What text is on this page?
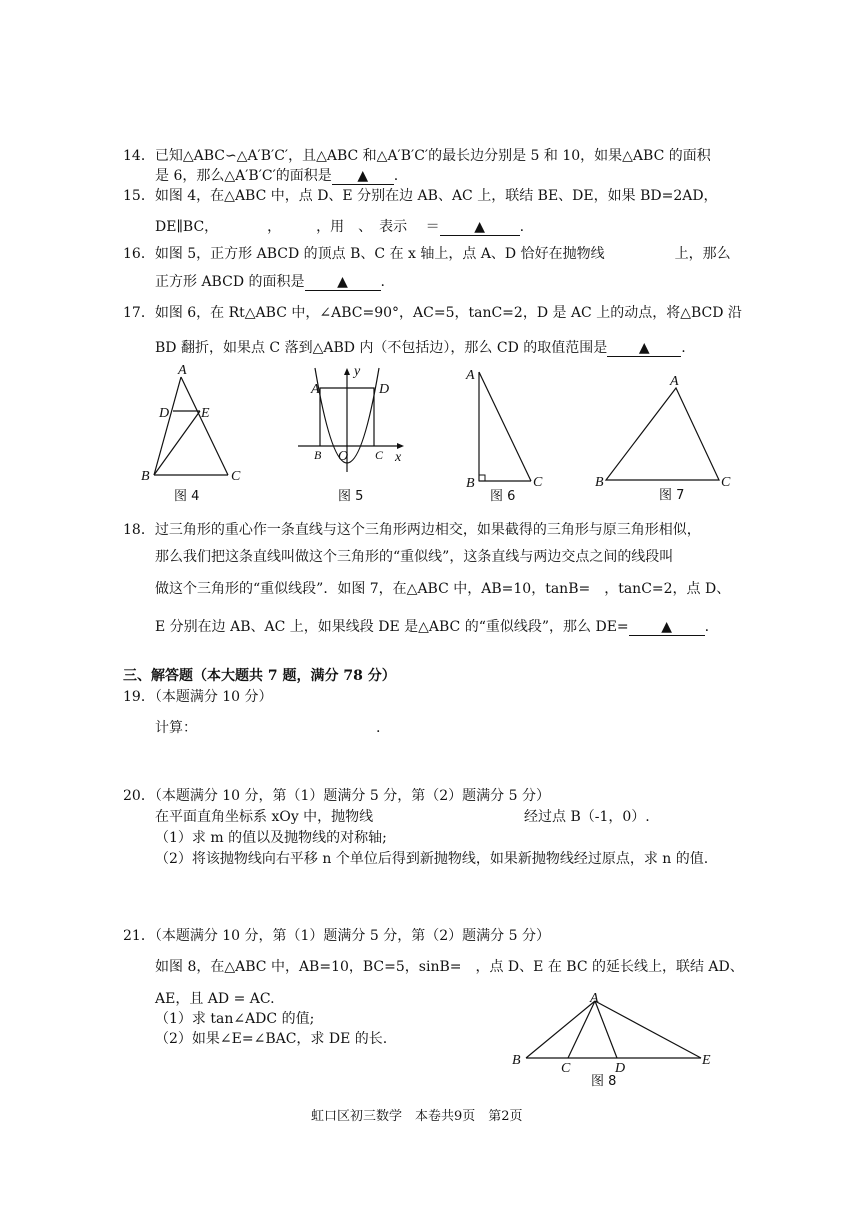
14．已知△ABC∽△A′B′C′，且△ABC 和△A′B′C′的最长边分别是 5 和 10，如果△ABC 的面积
是 6，那么△A′B′C′的面积是 ▲ .
15．如图 4，在△ABC 中，点 D、E 分别在边 AB、AC 上，联结 BE、DE，如果 BD=2AD，
DE∥BC，　　　　，　　　，用　、　表示　 ＝ ▲ .
16．如图 5，正方形 ABCD 的顶点 B、C 在 x 轴上，点 A、D 恰好在抛物线　　　　　上，那么
正方形 ABCD 的面积是 ▲ .
17．如图 6，在 Rt△ABC 中，∠ABC=90°，AC=5，tanC=2，D 是 AC 上的动点，将△BCD 沿
BD 翻折，如果点 C 落到△ABD 内（不包括边），那么 CD 的取值范围是 ▲ .
A
D E
B	C
图 4
A	D
y
B O C x
图 5
A
B	C
图 6
A
B	C
图 7
18．过三角形的重心作一条直线与这个三角形两边相交，如果截得的三角形与原三角形相似，
那么我们把这条直线叫做这个三角形的“重似线”，这条直线与两边交点之间的线段叫
做这个三角形的“重似线段”．如图 7，在△ABC 中，AB=10，tanB=　，tanC=2，点 D、
E 分别在边 AB、AC 上，如果线段 DE 是△ABC 的“重似线段”，那么 DE= ▲ .
三、解答题（本大题共 7 题，满分 78 分）
19．（本题满分 10 分）
计算：	.
20．（本题满分 10 分，第（1）题满分 5 分，第（2）题满分 5 分）
在平面直角坐标系 xOy 中，抛物线	经过点 B（-1，0）.
（1）求 m 的值以及抛物线的对称轴;
（2）将该抛物线向右平移 n 个单位后得到新抛物线，如果新抛物线经过原点，求 n 的值.
21．（本题满分 10 分，第（1）题满分 5 分，第（2）题满分 5 分）
如图 8，在△ABC 中，AB=10，BC=5，sinB=　，点 D、E 在 BC 的延长线上，联结 AD、
AE，且 AD = AC.
（1）求 tan∠ADC 的值;
（2）如果∠E=∠BAC，求 DE 的长.
A
B
C	D
E
图 8
虹口区初三数学　本卷共9页　第2页
